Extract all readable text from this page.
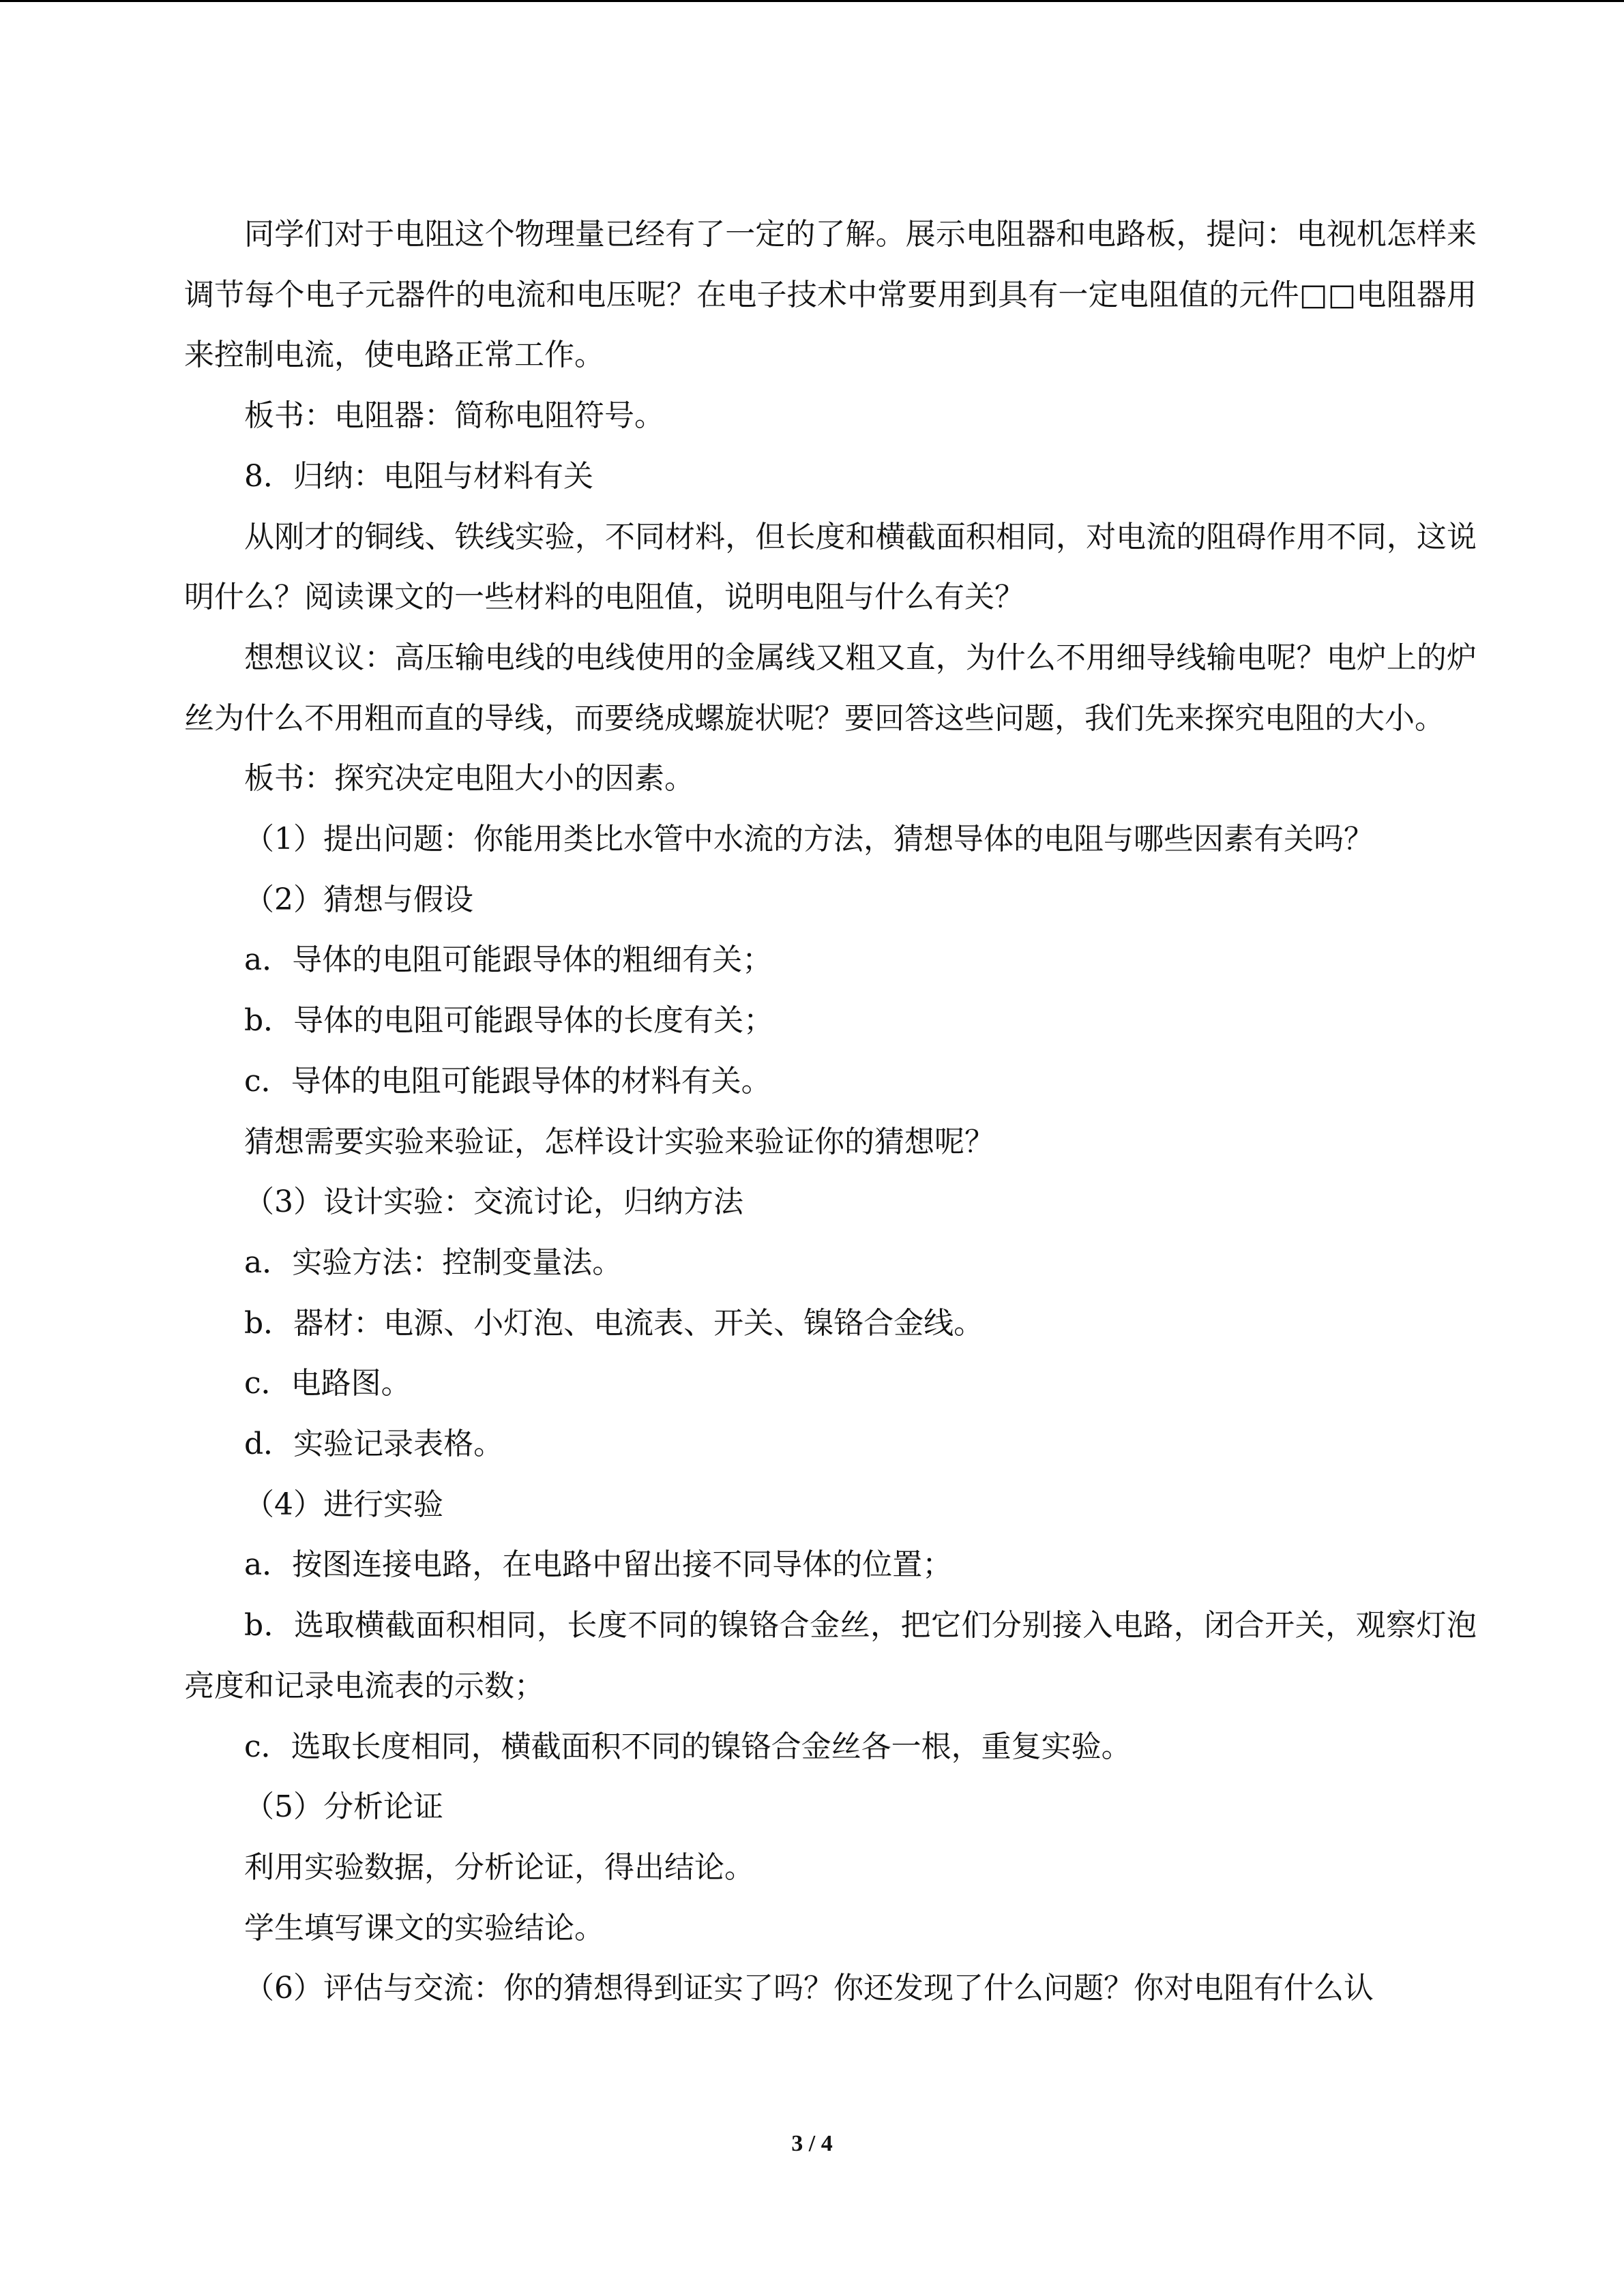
同学们对于电阻这个物理量已经有了一定的了解。展示电阻器和电路板，提问：电视机怎样来调节每个电子元器件的电流和电压呢？在电子技术中常要用到具有一定电阻值的元件□□电阻器用来控制电流，使电路正常工作。

板书：电阻器：简称电阻符号。

8．归纳：电阻与材料有关

从刚才的铜线、铁线实验，不同材料，但长度和横截面积相同，对电流的阻碍作用不同，这说明什么？阅读课文的一些材料的电阻值，说明电阻与什么有关？

想想议议：高压输电线的电线使用的金属线又粗又直，为什么不用细导线输电呢？电炉上的炉丝为什么不用粗而直的导线，而要绕成螺旋状呢？要回答这些问题，我们先来探究电阻的大小。

板书：探究决定电阻大小的因素。

（1）提出问题：你能用类比水管中水流的方法，猜想导体的电阻与哪些因素有关吗？

（2）猜想与假设

a．导体的电阻可能跟导体的粗细有关；

b．导体的电阻可能跟导体的长度有关；

c．导体的电阻可能跟导体的材料有关。

猜想需要实验来验证，怎样设计实验来验证你的猜想呢？

（3）设计实验：交流讨论，归纳方法

a．实验方法：控制变量法。

b．器材：电源、小灯泡、电流表、开关、镍铬合金线。

c．电路图。

d．实验记录表格。

（4）进行实验

a．按图连接电路，在电路中留出接不同导体的位置；

b．选取横截面积相同，长度不同的镍铬合金丝，把它们分别接入电路，闭合开关，观察灯泡亮度和记录电流表的示数；

c．选取长度相同，横截面积不同的镍铬合金丝各一根，重复实验。

（5）分析论证

利用实验数据，分析论证，得出结论。

学生填写课文的实验结论。

（6）评估与交流：你的猜想得到证实了吗？你还发现了什么问题？你对电阻有什么认

3 / 4
